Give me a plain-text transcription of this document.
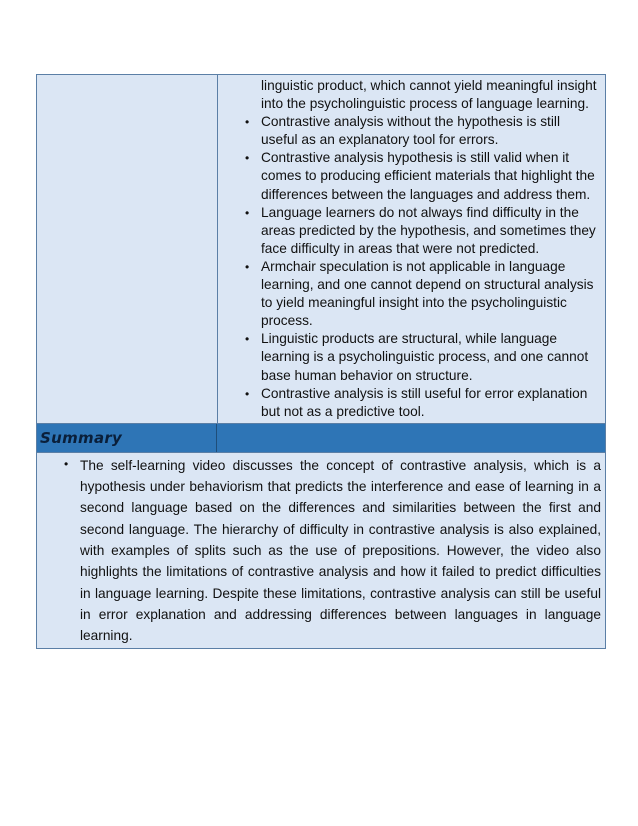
linguistic product, which cannot yield meaningful insight into the psycholinguistic process of language learning.

• Contrastive analysis without the hypothesis is still useful as an explanatory tool for errors.
• Contrastive analysis hypothesis is still valid when it comes to producing efficient materials that highlight the differences between the languages and address them.
• Language learners do not always find difficulty in the areas predicted by the hypothesis, and sometimes they face difficulty in areas that were not predicted.
• Armchair speculation is not applicable in language learning, and one cannot depend on structural analysis to yield meaningful insight into the psycholinguistic process.
• Linguistic products are structural, while language learning is a psycholinguistic process, and one cannot base human behavior on structure.
• Contrastive analysis is still useful for error explanation but not as a predictive tool.
Summary
• The self-learning video discusses the concept of contrastive analysis, which is a hypothesis under behaviorism that predicts the interference and ease of learning in a second language based on the differences and similarities between the first and second language. The hierarchy of difficulty in contrastive analysis is also explained, with examples of splits such as the use of prepositions. However, the video also highlights the limitations of contrastive analysis and how it failed to predict difficulties in language learning. Despite these limitations, contrastive analysis can still be useful in error explanation and addressing differences between languages in language learning.
